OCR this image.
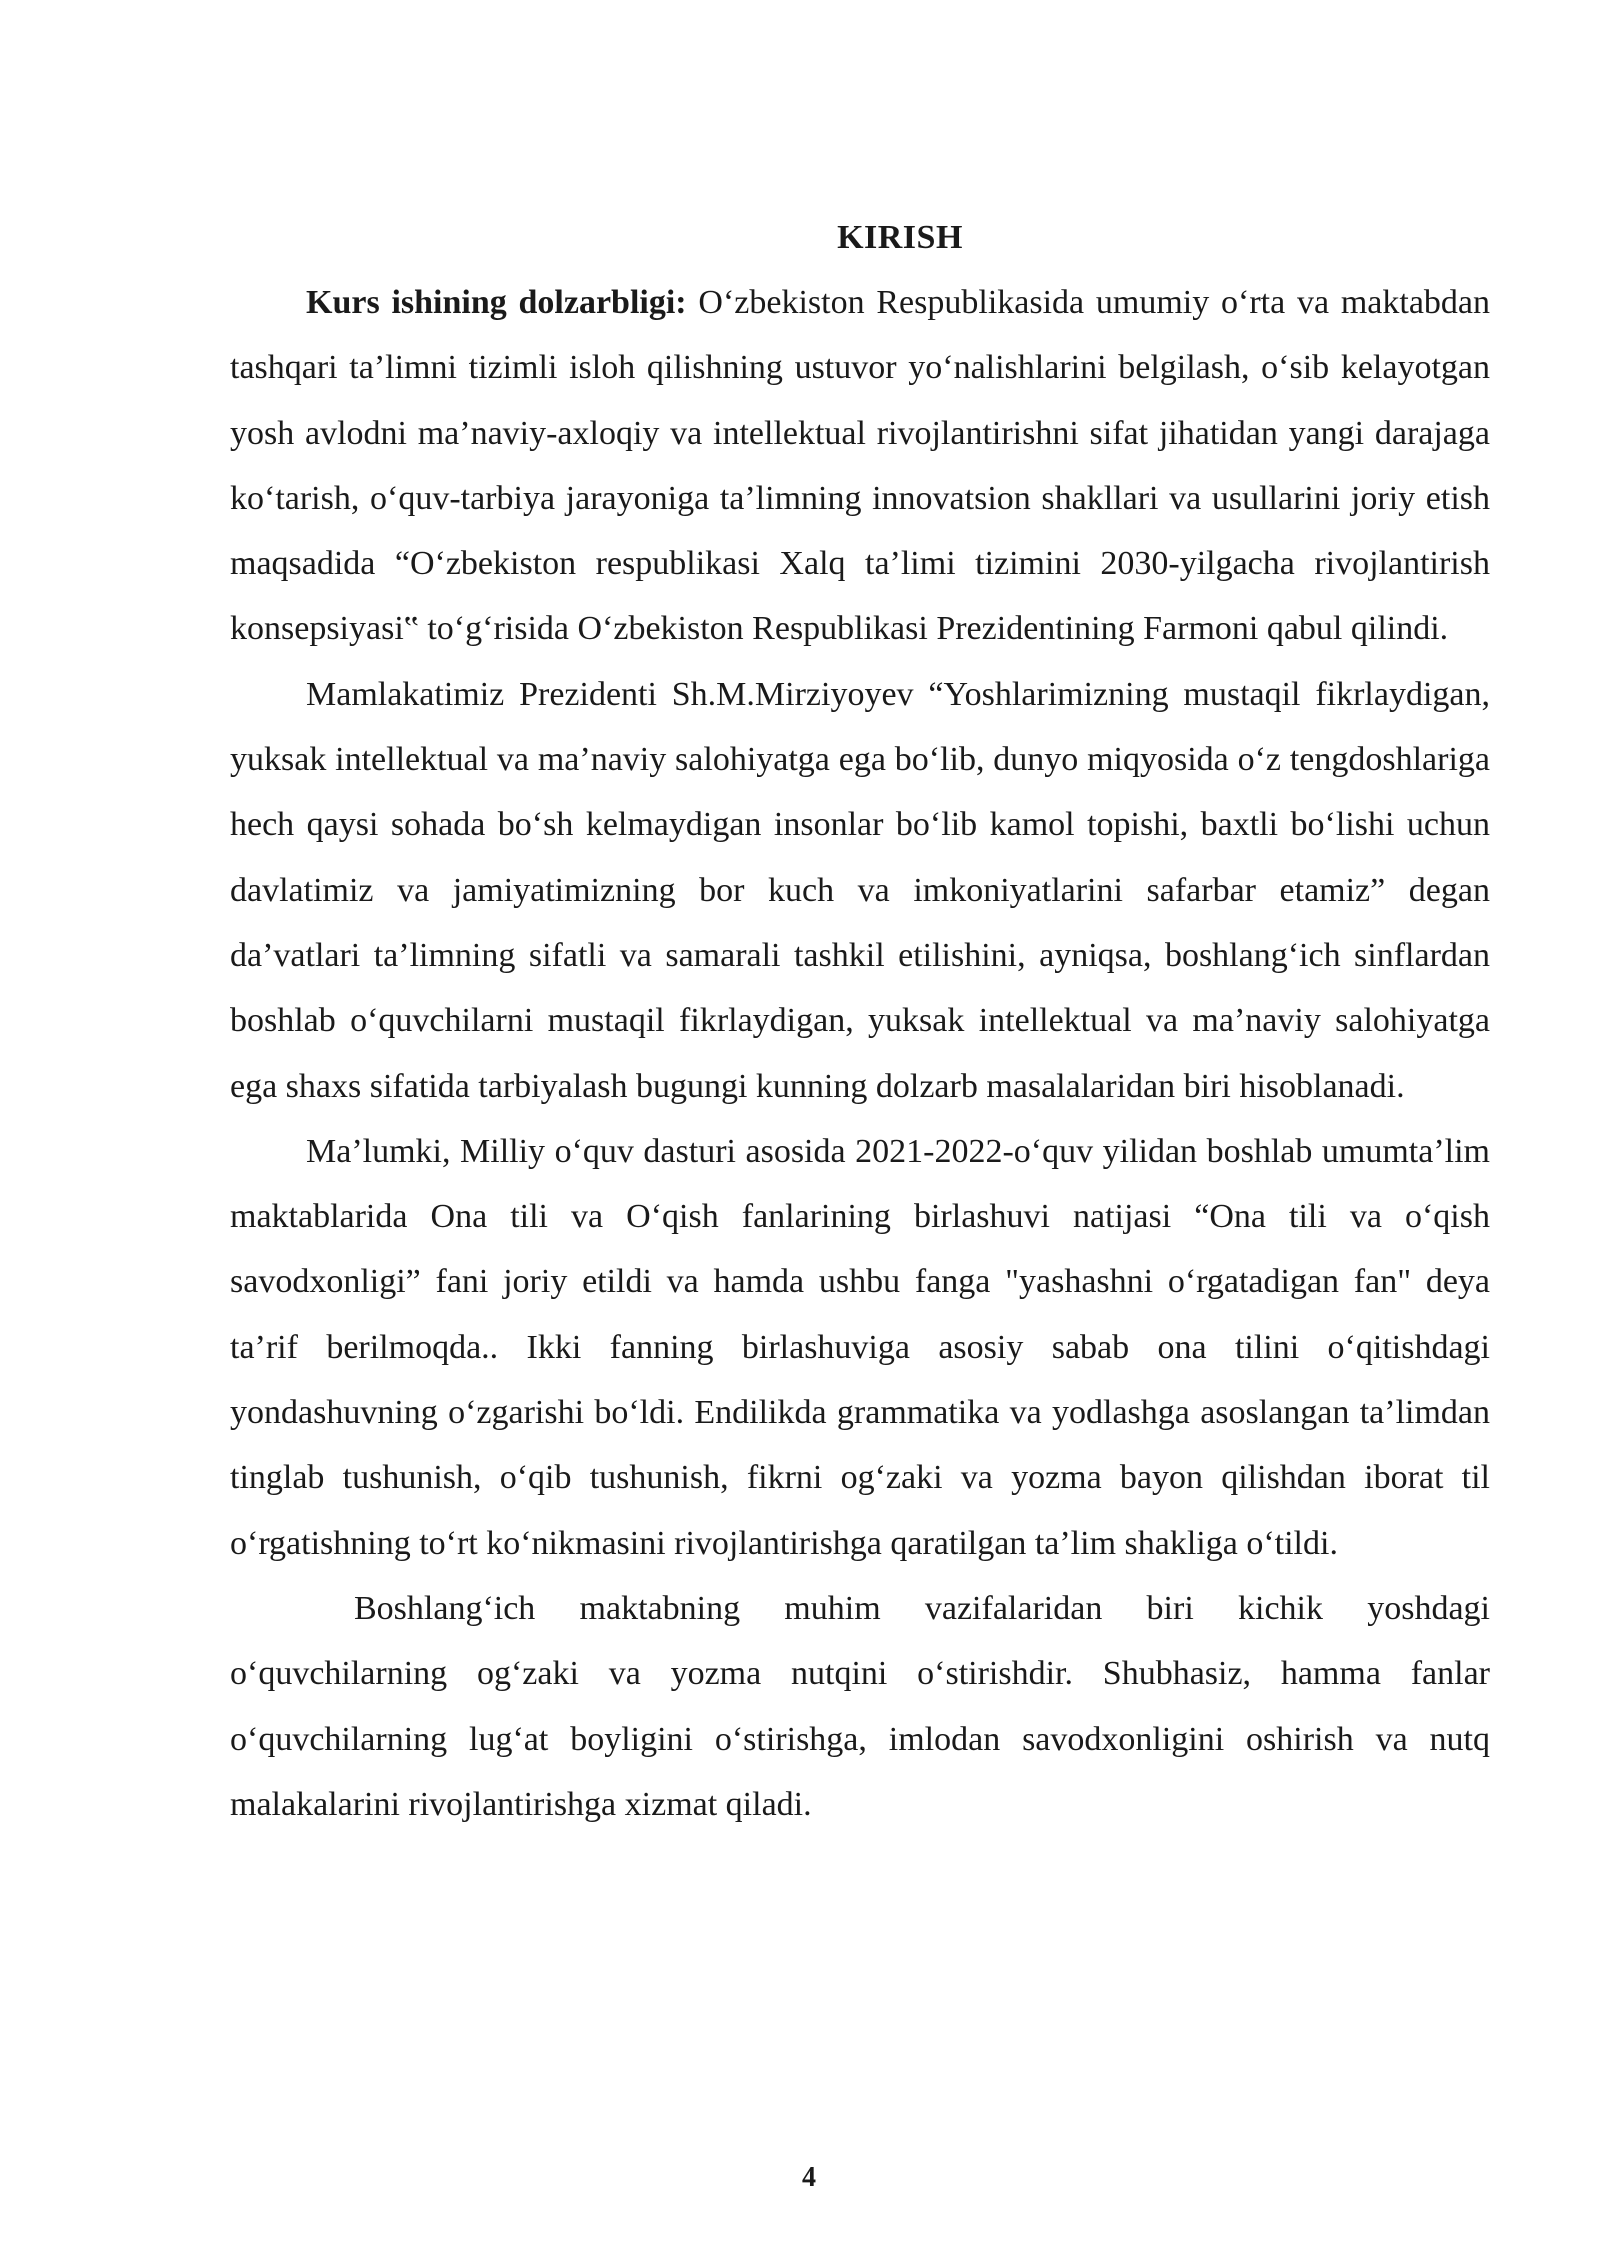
KIRISH

Kurs ishining dolzarbligi: O‘zbekiston Respublikasida umumiy o‘rta va maktabdan tashqari ta’limni tizimli isloh qilishning ustuvor yo‘nalishlarini belgilash, o‘sib kelayotgan yosh avlodni ma’naviy-axloqiy va intellektual rivojlantirishni sifat jihatidan yangi darajaga ko‘tarish, o‘quv-tarbiya jarayoniga ta’limning innovatsion shakllari va usullarini joriy etish maqsadida “O‘zbekiston respublikasi Xalq ta’limi tizimini 2030-yilgacha rivojlantirish konsepsiyasi‟ to‘g‘risida O‘zbekiston Respublikasi Prezidentining Farmoni qabul qilindi.

Mamlakatimiz Prezidenti Sh.M.Mirziyoyev “Yoshlarimizning mustaqil fikrlaydigan, yuksak intellektual va ma’naviy salohiyatga ega bo‘lib, dunyo miqyosida o‘z tengdoshlariga hech qaysi sohada bo‘sh kelmaydigan insonlar bo‘lib kamol topishi, baxtli bo‘lishi uchun davlatimiz va jamiyatimizning bor kuch va imkoniyatlarini safarbar etamiz” degan da’vatlari ta’limning sifatli va samarali tashkil etilishini, ayniqsa, boshlang‘ich sinflardan boshlab o‘quvchilarni mustaqil fikrlaydigan, yuksak intellektual va ma’naviy salohiyatga ega shaxs sifatida tarbiyalash bugungi kunning dolzarb masalalaridan biri hisoblanadi.

Ma’lumki, Milliy o‘quv dasturi asosida 2021-2022-o‘quv yilidan boshlab umumta’lim maktablarida Ona tili va O‘qish fanlarining birlashuvi natijasi “Ona tili va o‘qish savodxonligi” fani joriy etildi va hamda ushbu fanga "yashashni o‘rgatadigan fan" deya ta’rif berilmoqda.. Ikki fanning birlashuviga asosiy sabab ona tilini o‘qitishdagi yondashuvning o‘zgarishi bo‘ldi. Endilikda grammatika va yodlashga asoslangan ta’limdan tinglab tushunish, o‘qib tushunish, fikrni og‘zaki va yozma bayon qilishdan iborat til o‘rgatishning to‘rt ko‘nikmasini rivojlantirishga qaratilgan ta’lim shakliga o‘tildi.

Boshlang‘ich maktabning muhim vazifalaridan biri kichik yoshdagi o‘quvchilarning og‘zaki va yozma nutqini o‘stirishdir. Shubhasiz, hamma fanlar o‘quvchilarning lug‘at boyligini o‘stirishga, imlodan savodxonligini oshirish va nutq malakalarini rivojlantirishga xizmat qiladi.

4
